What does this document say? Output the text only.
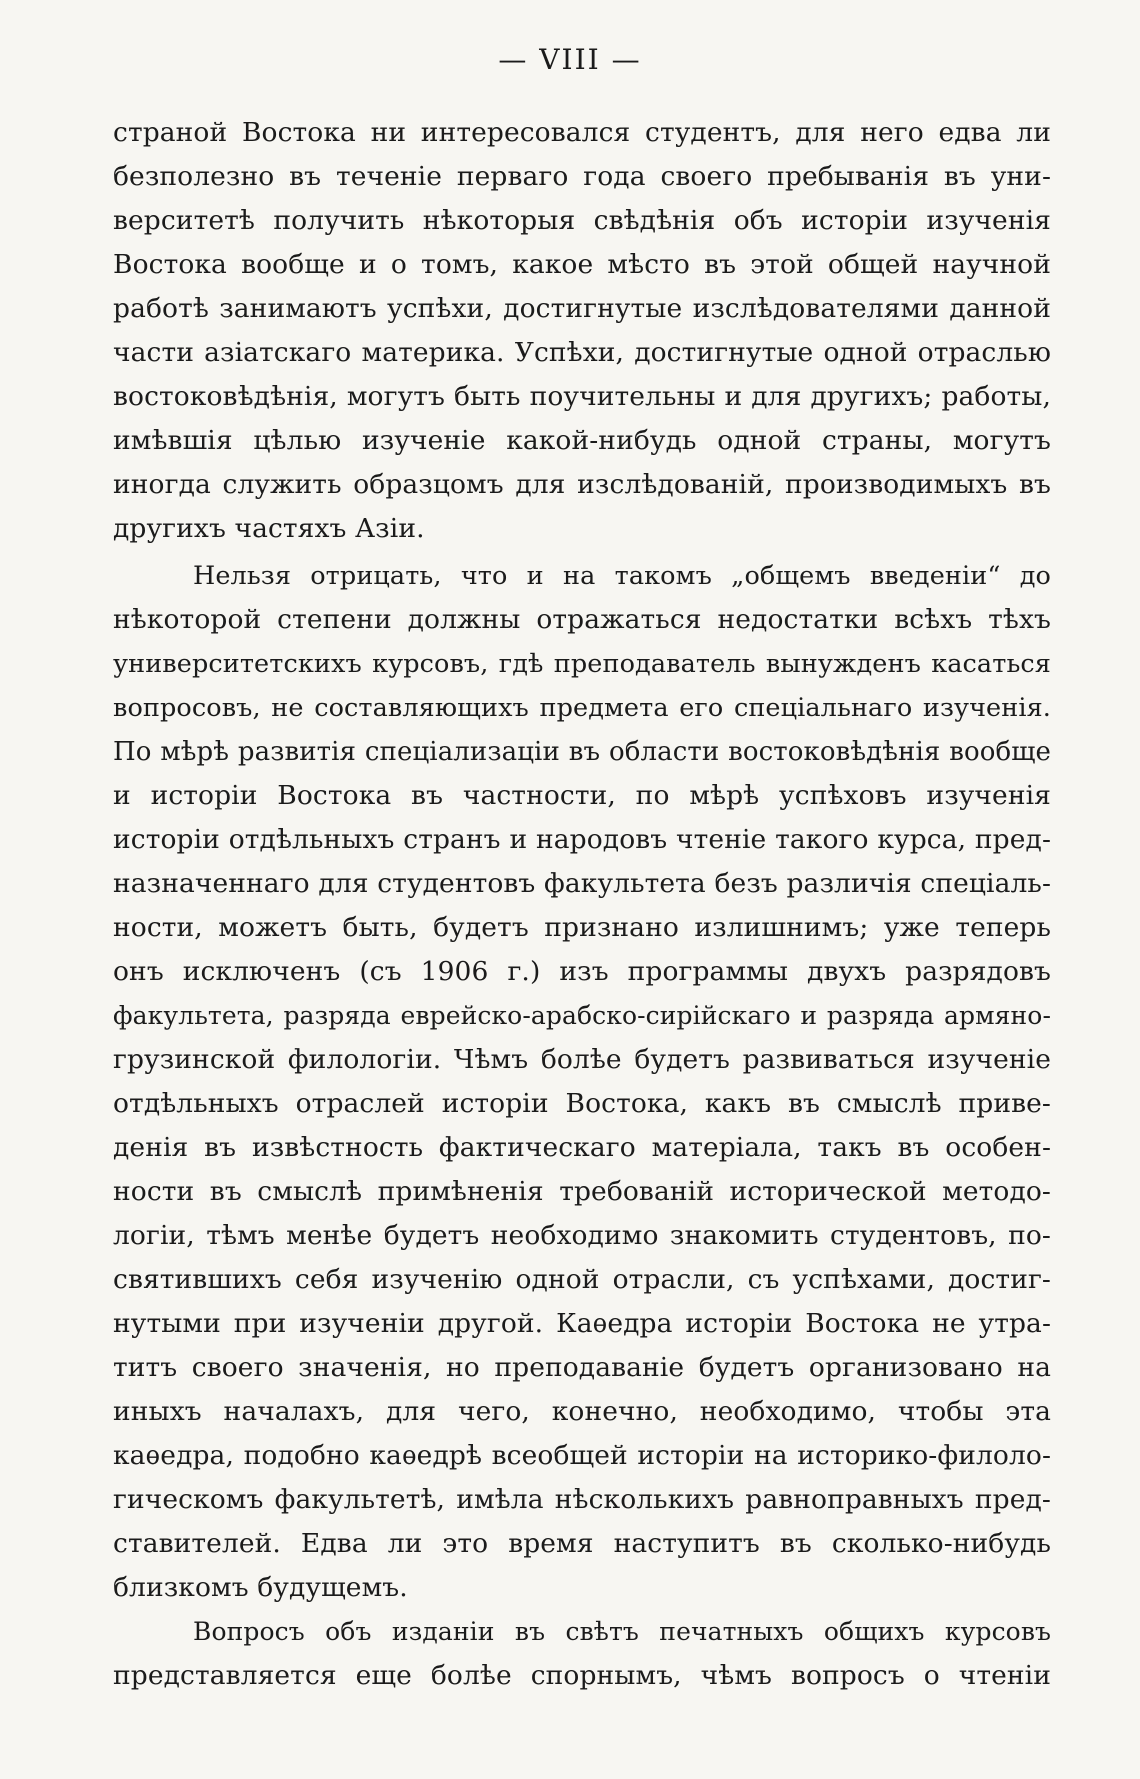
— VIII —
страной Востока ни интересовался студентъ, для него едва ли
безполезно въ теченіе перваго года своего пребыванія въ уни-
верситетѣ получить нѣкоторыя свѣдѣнія объ исторіи изученія
Востока вообще и о томъ, какое мѣсто въ этой общей научной
работѣ занимаютъ успѣхи, достигнутые изслѣдователями данной
части азіатскаго материка. Успѣхи, достигнутые одной отраслью
востоковѣдѣнія, могутъ быть поучительны и для другихъ; работы,
имѣвшія цѣлью изученіе какой-нибудь одной страны, могутъ
иногда служить образцомъ для изслѣдованій, производимыхъ въ
другихъ частяхъ Азіи.
Нельзя отрицать, что и на такомъ „общемъ введеніи“ до
нѣкоторой степени должны отражаться недостатки всѣхъ тѣхъ
университетскихъ курсовъ, гдѣ преподаватель вынужденъ касаться
вопросовъ, не составляющихъ предмета его спеціальнаго изученія.
По мѣрѣ развитія спеціализаціи въ области востоковѣдѣнія вообще
и исторіи Востока въ частности, по мѣрѣ успѣховъ изученія
исторіи отдѣльныхъ странъ и народовъ чтеніе такого курса, пред-
назначеннаго для студентовъ факультета безъ различія спеціаль-
ности, можетъ быть, будетъ признано излишнимъ; уже теперь
онъ исключенъ (съ 1906 г.) изъ программы двухъ разрядовъ
факультета, разряда еврейско-арабско-сирійскаго и разряда армяно-
грузинской филологіи. Чѣмъ болѣе будетъ развиваться изученіе
отдѣльныхъ отраслей исторіи Востока, какъ въ смыслѣ приве-
денія въ извѣстность фактическаго матеріала, такъ въ особен-
ности въ смыслѣ примѣненія требованій исторической методо-
логіи, тѣмъ менѣе будетъ необходимо знакомить студентовъ, по-
святившихъ себя изученію одной отрасли, съ успѣхами, достиг-
нутыми при изученіи другой. Каѳедра исторіи Востока не утра-
титъ своего значенія, но преподаваніе будетъ организовано на
иныхъ началахъ, для чего, конечно, необходимо, чтобы эта
каѳедра, подобно каѳедрѣ всеобщей исторіи на историко-филоло-
гическомъ факультетѣ, имѣла нѣсколькихъ равноправныхъ пред-
ставителей. Едва ли это время наступитъ въ сколько-нибудь
близкомъ будущемъ.
Вопросъ объ изданіи въ свѣтъ печатныхъ общихъ курсовъ
представляется еще болѣе спорнымъ, чѣмъ вопросъ о чтеніи
